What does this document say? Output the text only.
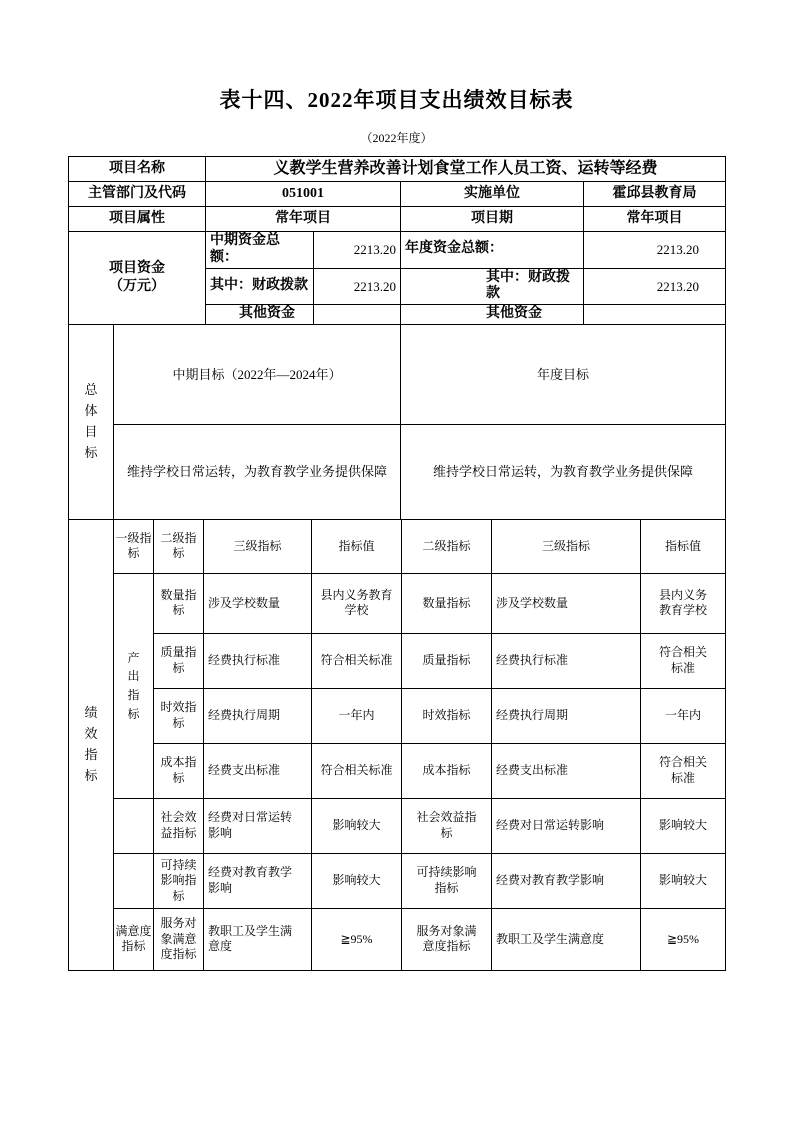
表十四、2022年项目支出绩效目标表
（2022年度）
项目名称	义教学生营养改善计划食堂工作人员工资、运转等经费			
主管部门及代码	051001		实施单位	霍邱县教育局
项目属性	常年项目		项目期	常年项目

项目资金（万元）	中期资金总额：	2213.20	年度资金总额：	2213.20
	其中：财政拨款	2213.20	其中：财政拨款	2213.20
	其他资金		其他资金	
总体目标	中期目标（2022年—2024年）	年度目标
	维持学校日常运转，为教育教学业务提供保障	维持学校日常运转，为教育教学业务提供保障
绩效指标	一级指标	二级指标	三级指标	指标值	二级指标	三级指标	指标值

	产出指标	数量指标	涉及学校数量	县内义务教育学校	数量指标	涉及学校数量	县内义务教育学校
		质量指标	经费执行标准	符合相关标准	质量指标	经费执行标准	符合相关标准
		时效指标	经费执行周期	一年内	时效指标	经费执行周期	一年内
		成本指标	经费支出标准	符合相关标准	成本指标	经费支出标准	符合相关标准
		社会效益指标	经费对日常运转影响	影响较大	社会效益指标	经费对日常运转影响	影响较大
		可持续影响指标	经费对教育教学影响	影响较大	可持续影响指标	经费对教育教学影响	影响较大
	满意度指标	服务对象满意度指标	教职工及学生满意度	≧95%	服务对象满意度指标	教职工及学生满意度	≧95%
